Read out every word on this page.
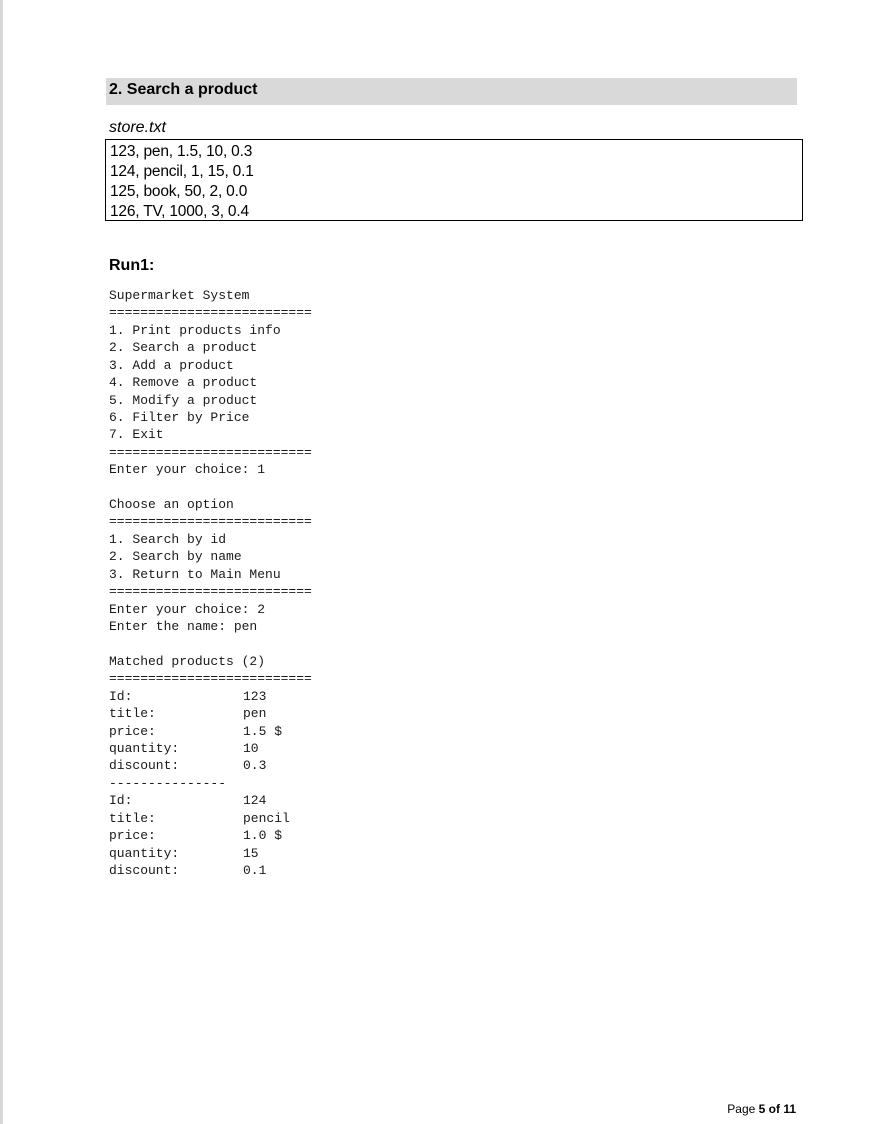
2. Search a product
store.txt
123, pen, 1.5, 10, 0.3
124, pencil, 1, 15, 0.1
125, book, 50, 2, 0.0
126, TV, 1000, 3, 0.4
Run1:
Supermarket System
==========================
1. Print products info
2. Search a product
3. Add a product
4. Remove a product
5. Modify a product
6. Filter by Price
7. Exit
==========================
Enter your choice: 1

Choose an option
==========================
1. Search by id
2. Search by name
3. Return to Main Menu
==========================
Enter your choice: 2
Enter the name: pen

Matched products (2)
==========================
Id:	123
title:	pen
price:	1.5 $
quantity:	10
discount:	0.3
---------------
Id:	124
title:	pencil
price:	1.0 $
quantity:	15
discount:	0.1
Page 5 of 11
